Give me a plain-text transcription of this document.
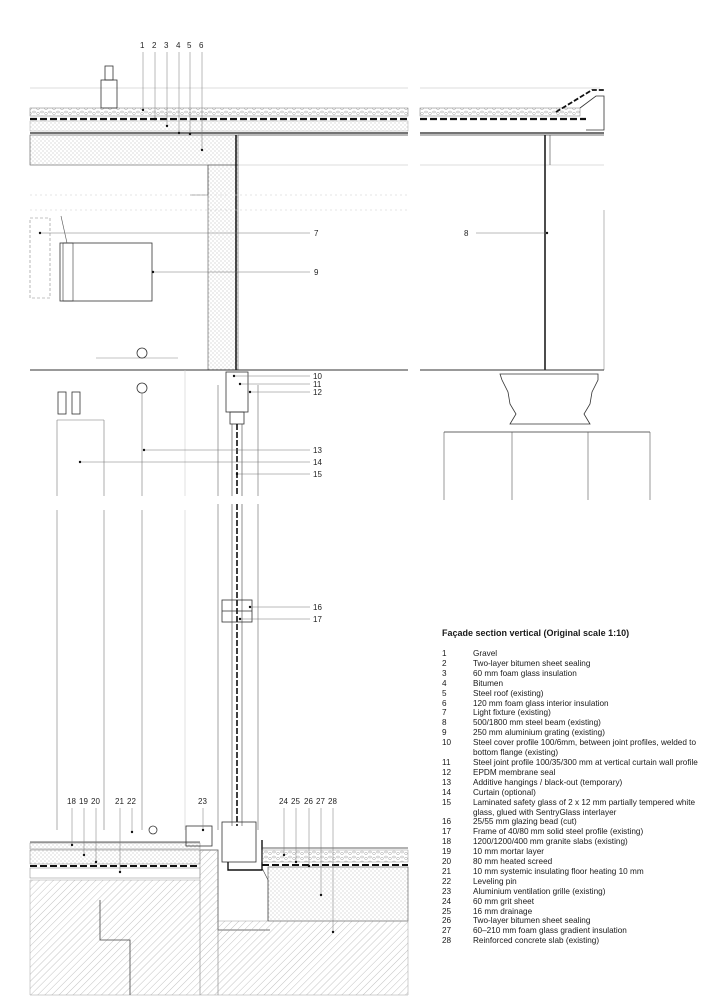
1 2 3 4 5 6
7	8
9
10
11
12
13
14
15
16
17
18 19 20 21 22	23	24 25 26 27 28
Façade section vertical (Original scale 1:10)
1	Gravel
2	Two-layer bitumen sheet sealing
3	60 mm foam glass insulation
4	Bitumen
5	Steel roof (existing)
6	120 mm foam glass interior insulation
7	Light fixture (existing)
8	500/1800 mm steel beam (existing)
9	250 mm aluminium grating (existing)
10	Steel cover profile 100/6mm, between joint profiles, welded to bottom flange (existing)
11	Steel joint profile 100/35/300 mm at vertical curtain wall profile
12	EPDM membrane seal
13	Additive hangings / black-out (temporary)
14	Curtain (optional)
15	Laminated safety glass of 2 x 12 mm partially tempered white glass, glued with SentryGlass interlayer
16	25/55 mm glazing bead (cut)
17	Frame of 40/80 mm solid steel profile (existing)
18	1200/1200/400 mm granite slabs (existing)
19	10 mm mortar layer
20	80 mm heated screed
21	10 mm systemic insulating floor heating 10 mm
22	Leveling pin
23	Aluminium ventilation grille (existing)
24	60 mm grit sheet
25	16 mm drainage
26	Two-layer bitumen sheet sealing
27	60–210 mm foam glass gradient insulation
28	Reinforced concrete slab (existing)
